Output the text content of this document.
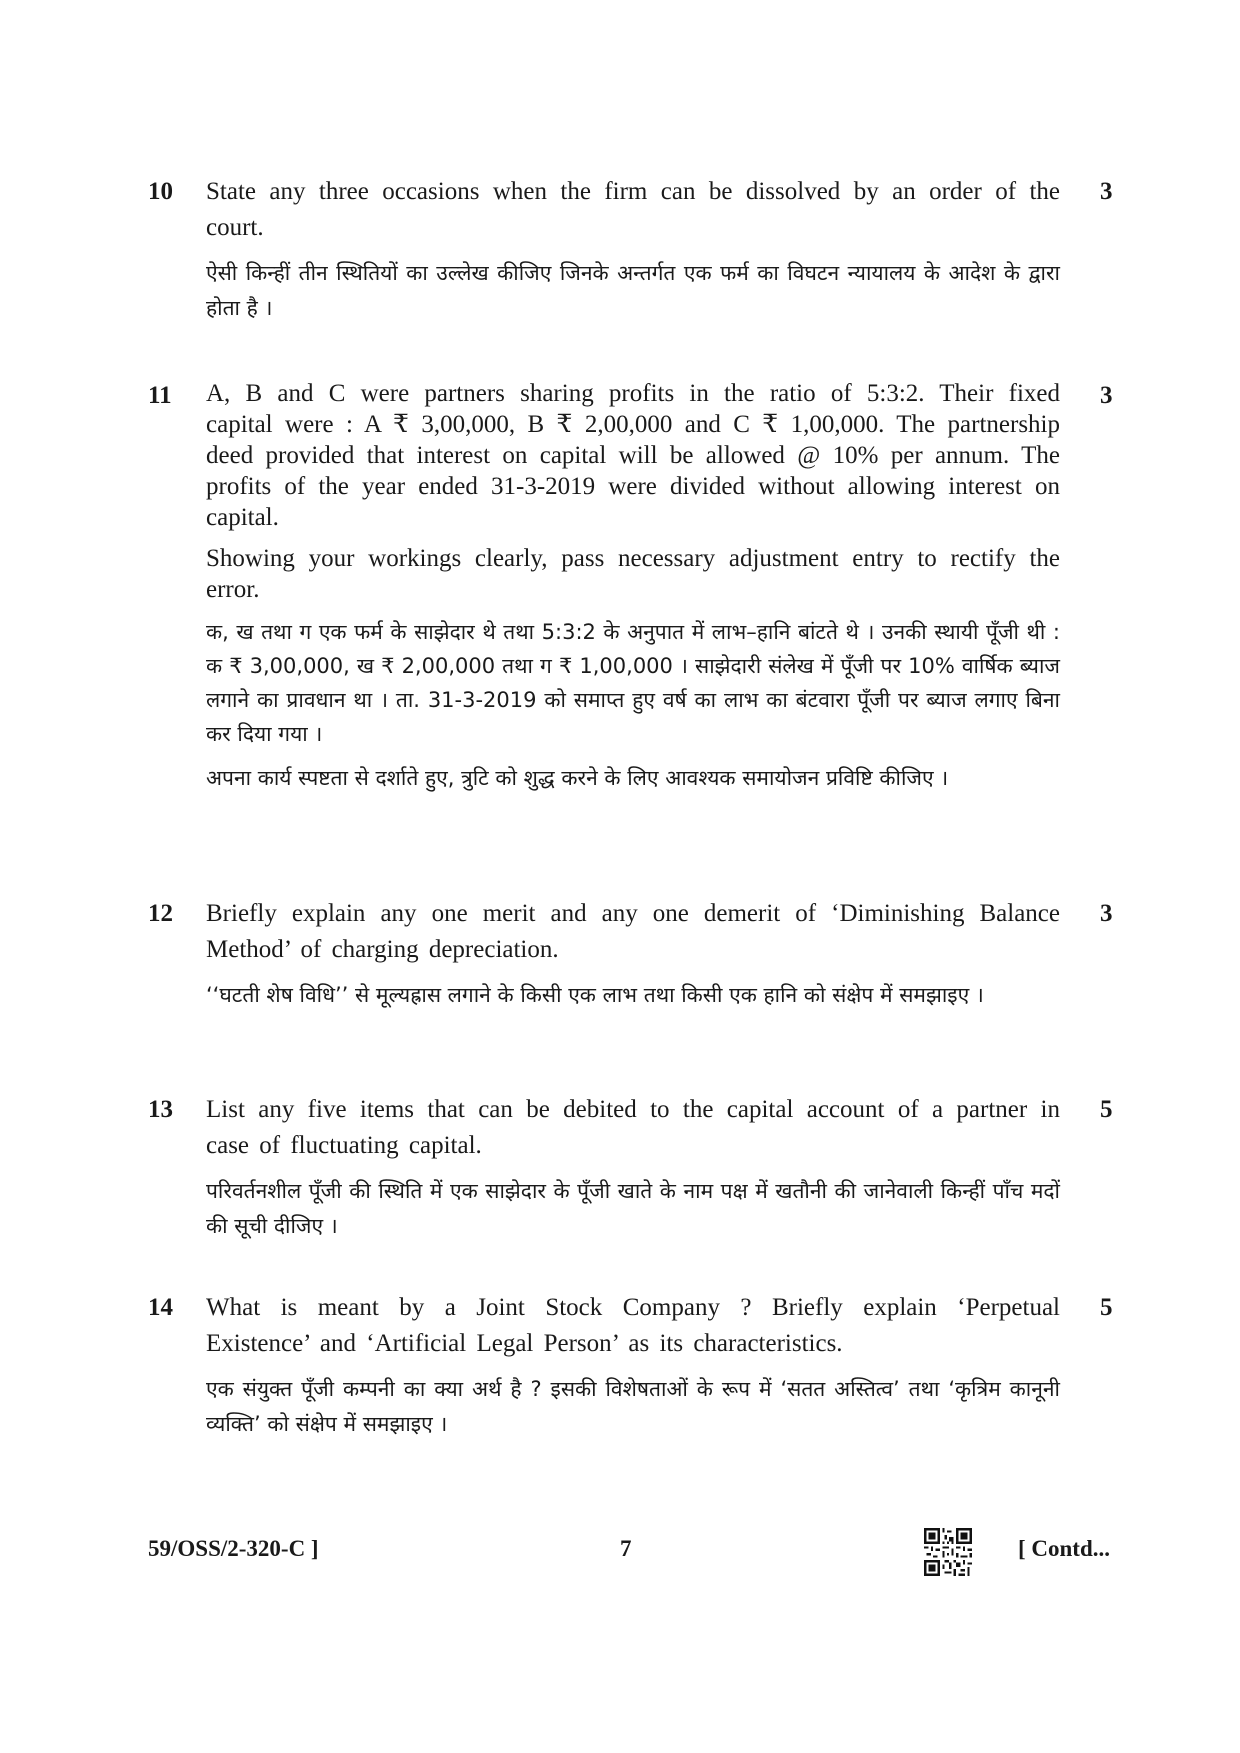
10	3

State any three occasions when the firm can be dissolved by an order of the court.

ऐसी किन्हीं तीन स्थितियों का उल्लेख कीजिए जिनके अन्तर्गत एक फर्म का विघटन न्यायालय के आदेश के द्वारा होता है ।

11	3

A, B and C were partners sharing profits in the ratio of 5:3:2. Their fixed capital were : A ₹ 3,00,000, B ₹ 2,00,000 and C ₹ 1,00,000. The partnership deed provided that interest on capital will be allowed @ 10% per annum. The profits of the year ended 31-3-2019 were divided without allowing interest on capital.

Showing your workings clearly, pass necessary adjustment entry to rectify the error.

क, ख तथा ग एक फर्म के साझेदार थे तथा 5:3:2 के अनुपात में लाभ–हानि बांटते थे । उनकी स्थायी पूँजी थी : क ₹ 3,00,000, ख ₹ 2,00,000 तथा ग ₹ 1,00,000 । साझेदारी संलेख में पूँजी पर 10% वार्षिक ब्याज लगाने का प्रावधान था । ता. 31-3-2019 को समाप्त हुए वर्ष का लाभ का बंटवारा पूँजी पर ब्याज लगाए बिना कर दिया गया ।

अपना कार्य स्पष्टता से दर्शाते हुए, त्रुटि को शुद्ध करने के लिए आवश्यक समायोजन प्रविष्टि कीजिए ।

12	3

Briefly explain any one merit and any one demerit of ‘Diminishing Balance Method’ of charging depreciation.

‘‘घटती शेष विधि’’ से मूल्यह्रास लगाने के किसी एक लाभ तथा किसी एक हानि को संक्षेप में समझाइए ।

13	5

List any five items that can be debited to the capital account of a partner in case of fluctuating capital.

परिवर्तनशील पूँजी की स्थिति में एक साझेदार के पूँजी खाते के नाम पक्ष में खतौनी की जानेवाली किन्हीं पाँच मदों की सूची दीजिए ।

14	5

What is meant by a Joint Stock Company ? Briefly explain ‘Perpetual Existence’ and ‘Artificial Legal Person’ as its characteristics.

एक संयुक्त पूँजी कम्पनी का क्या अर्थ है ? इसकी विशेषताओं के रूप में ‘सतत अस्तित्व’ तथा ‘कृत्रिम कानूनी व्यक्ति’ को संक्षेप में समझाइए ।

59/OSS/2-320-C ]	7	[ Contd...
